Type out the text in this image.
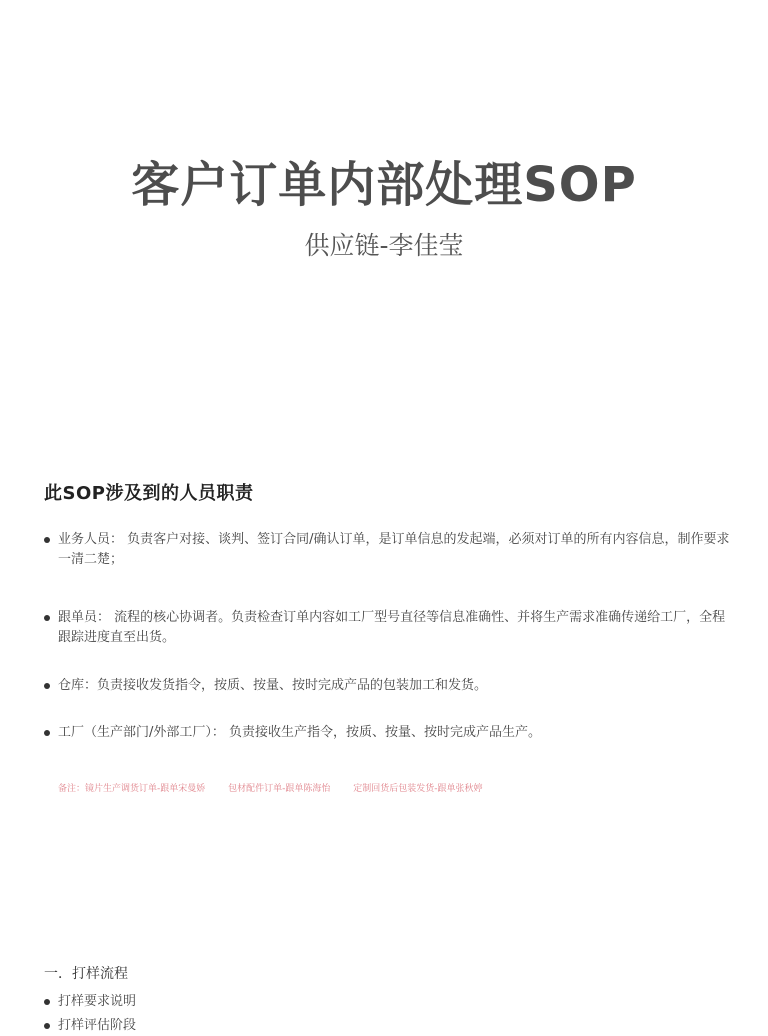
客户订单内部处理SOP
供应链-李佳莹
此SOP涉及到的人员职责
业务人员： 负责客户对接、谈判、签订合同/确认订单，是订单信息的发起端，必须对订单的所有内容信息，制作要求一清二楚；
跟单员： 流程的核心协调者。负责检查订单内容如工厂型号直径等信息准确性、并将生产需求准确传递给工厂，全程跟踪进度直至出货。
仓库：负责接收发货指令，按质、按量、按时完成产品的包装加工和发货。
工厂（生产部门/外部工厂）： 负责接收生产指令，按质、按量、按时完成产品生产。
备注：镜片生产调货订单-跟单宋曼娇	包材配件订单-跟单陈海怡	定制回货后包装发货-跟单张秋婷
一．打样流程
打样要求说明
打样评估阶段
